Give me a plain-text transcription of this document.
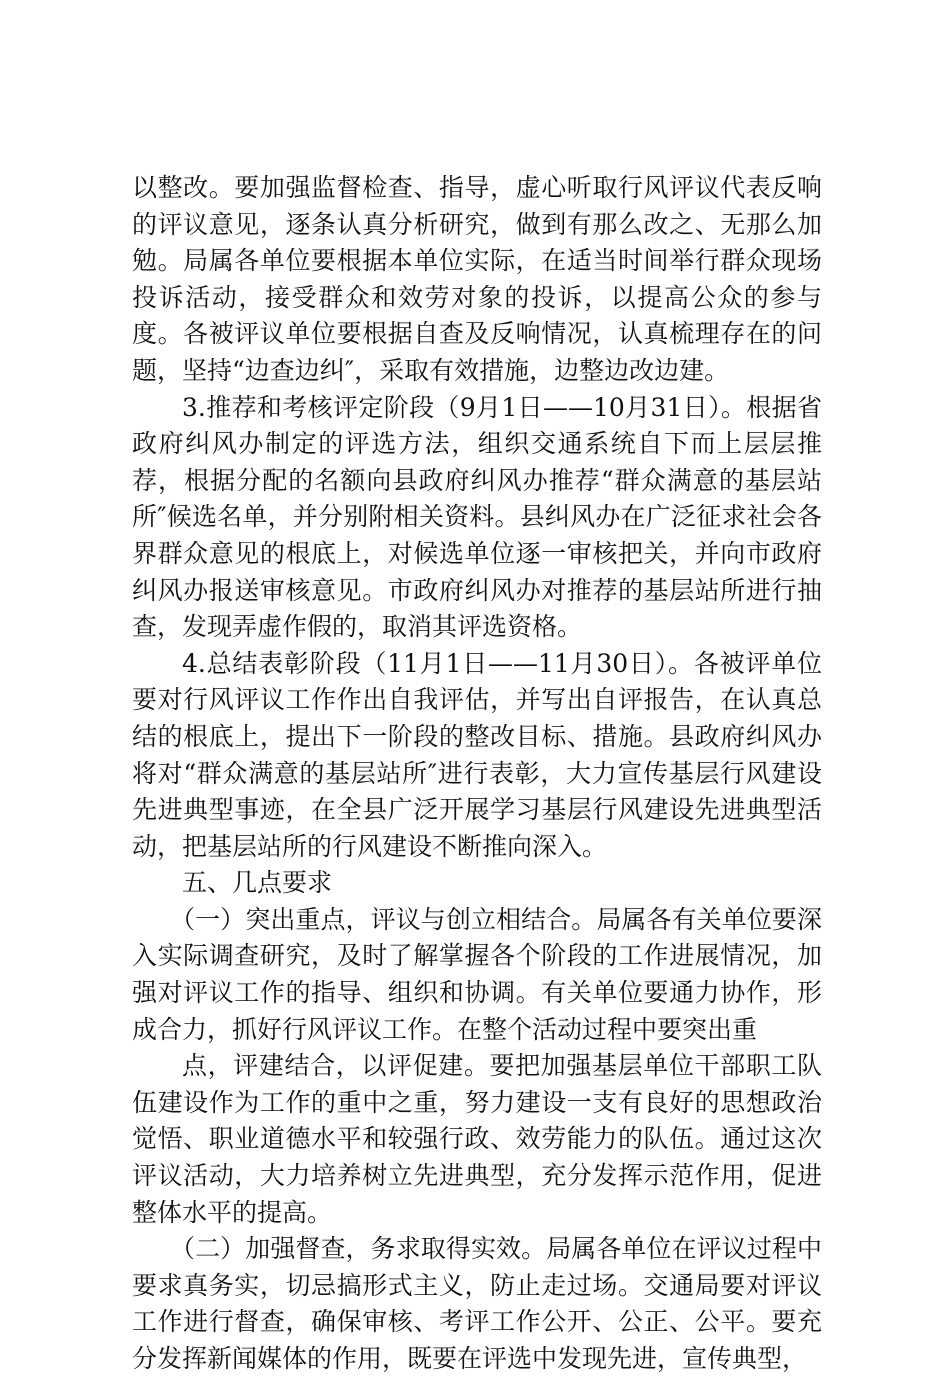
以整改。要加强监督检查、指导，虚心听取行风评议代表反响的评议意见，逐条认真分析研究，做到有那么改之、无那么加勉。局属各单位要根据本单位实际，在适当时间举行群众现场投诉活动，接受群众和效劳对象的投诉，以提高公众的参与度。各被评议单位要根据自查及反响情况，认真梳理存在的问题，坚持“边查边纠″，采取有效措施，边整边改边建。

3.推荐和考核评定阶段（9月1日——10月31日）。根据省政府纠风办制定的评选方法，组织交通系统自下而上层层推荐，根据分配的名额向县政府纠风办推荐“群众满意的基层站所″候选名单，并分别附相关资料。县纠风办在广泛征求社会各界群众意见的根底上，对候选单位逐一审核把关，并向市政府纠风办报送审核意见。市政府纠风办对推荐的基层站所进行抽查，发现弄虚作假的，取消其评选资格。

4.总结表彰阶段（11月1日——11月30日）。各被评单位要对行风评议工作作出自我评估，并写出自评报告，在认真总结的根底上，提出下一阶段的整改目标、措施。县政府纠风办将对“群众满意的基层站所″进行表彰，大力宣传基层行风建设先进典型事迹，在全县广泛开展学习基层行风建设先进典型活动，把基层站所的行风建设不断推向深入。

五、几点要求

（一）突出重点，评议与创立相结合。局属各有关单位要深入实际调查研究，及时了解掌握各个阶段的工作进展情况，加强对评议工作的指导、组织和协调。有关单位要通力协作，形成合力，抓好行风评议工作。在整个活动过程中要突出重

点，评建结合，以评促建。要把加强基层单位干部职工队伍建设作为工作的重中之重，努力建设一支有良好的思想政治觉悟、职业道德水平和较强行政、效劳能力的队伍。通过这次评议活动，大力培养树立先进典型，充分发挥示范作用，促进整体水平的提高。

（二）加强督查，务求取得实效。局属各单位在评议过程中要求真务实，切忌搞形式主义，防止走过场。交通局要对评议工作进行督查，确保审核、考评工作公开、公正、公平。要充分发挥新闻媒体的作用，既要在评选中发现先进，宣传典型，
